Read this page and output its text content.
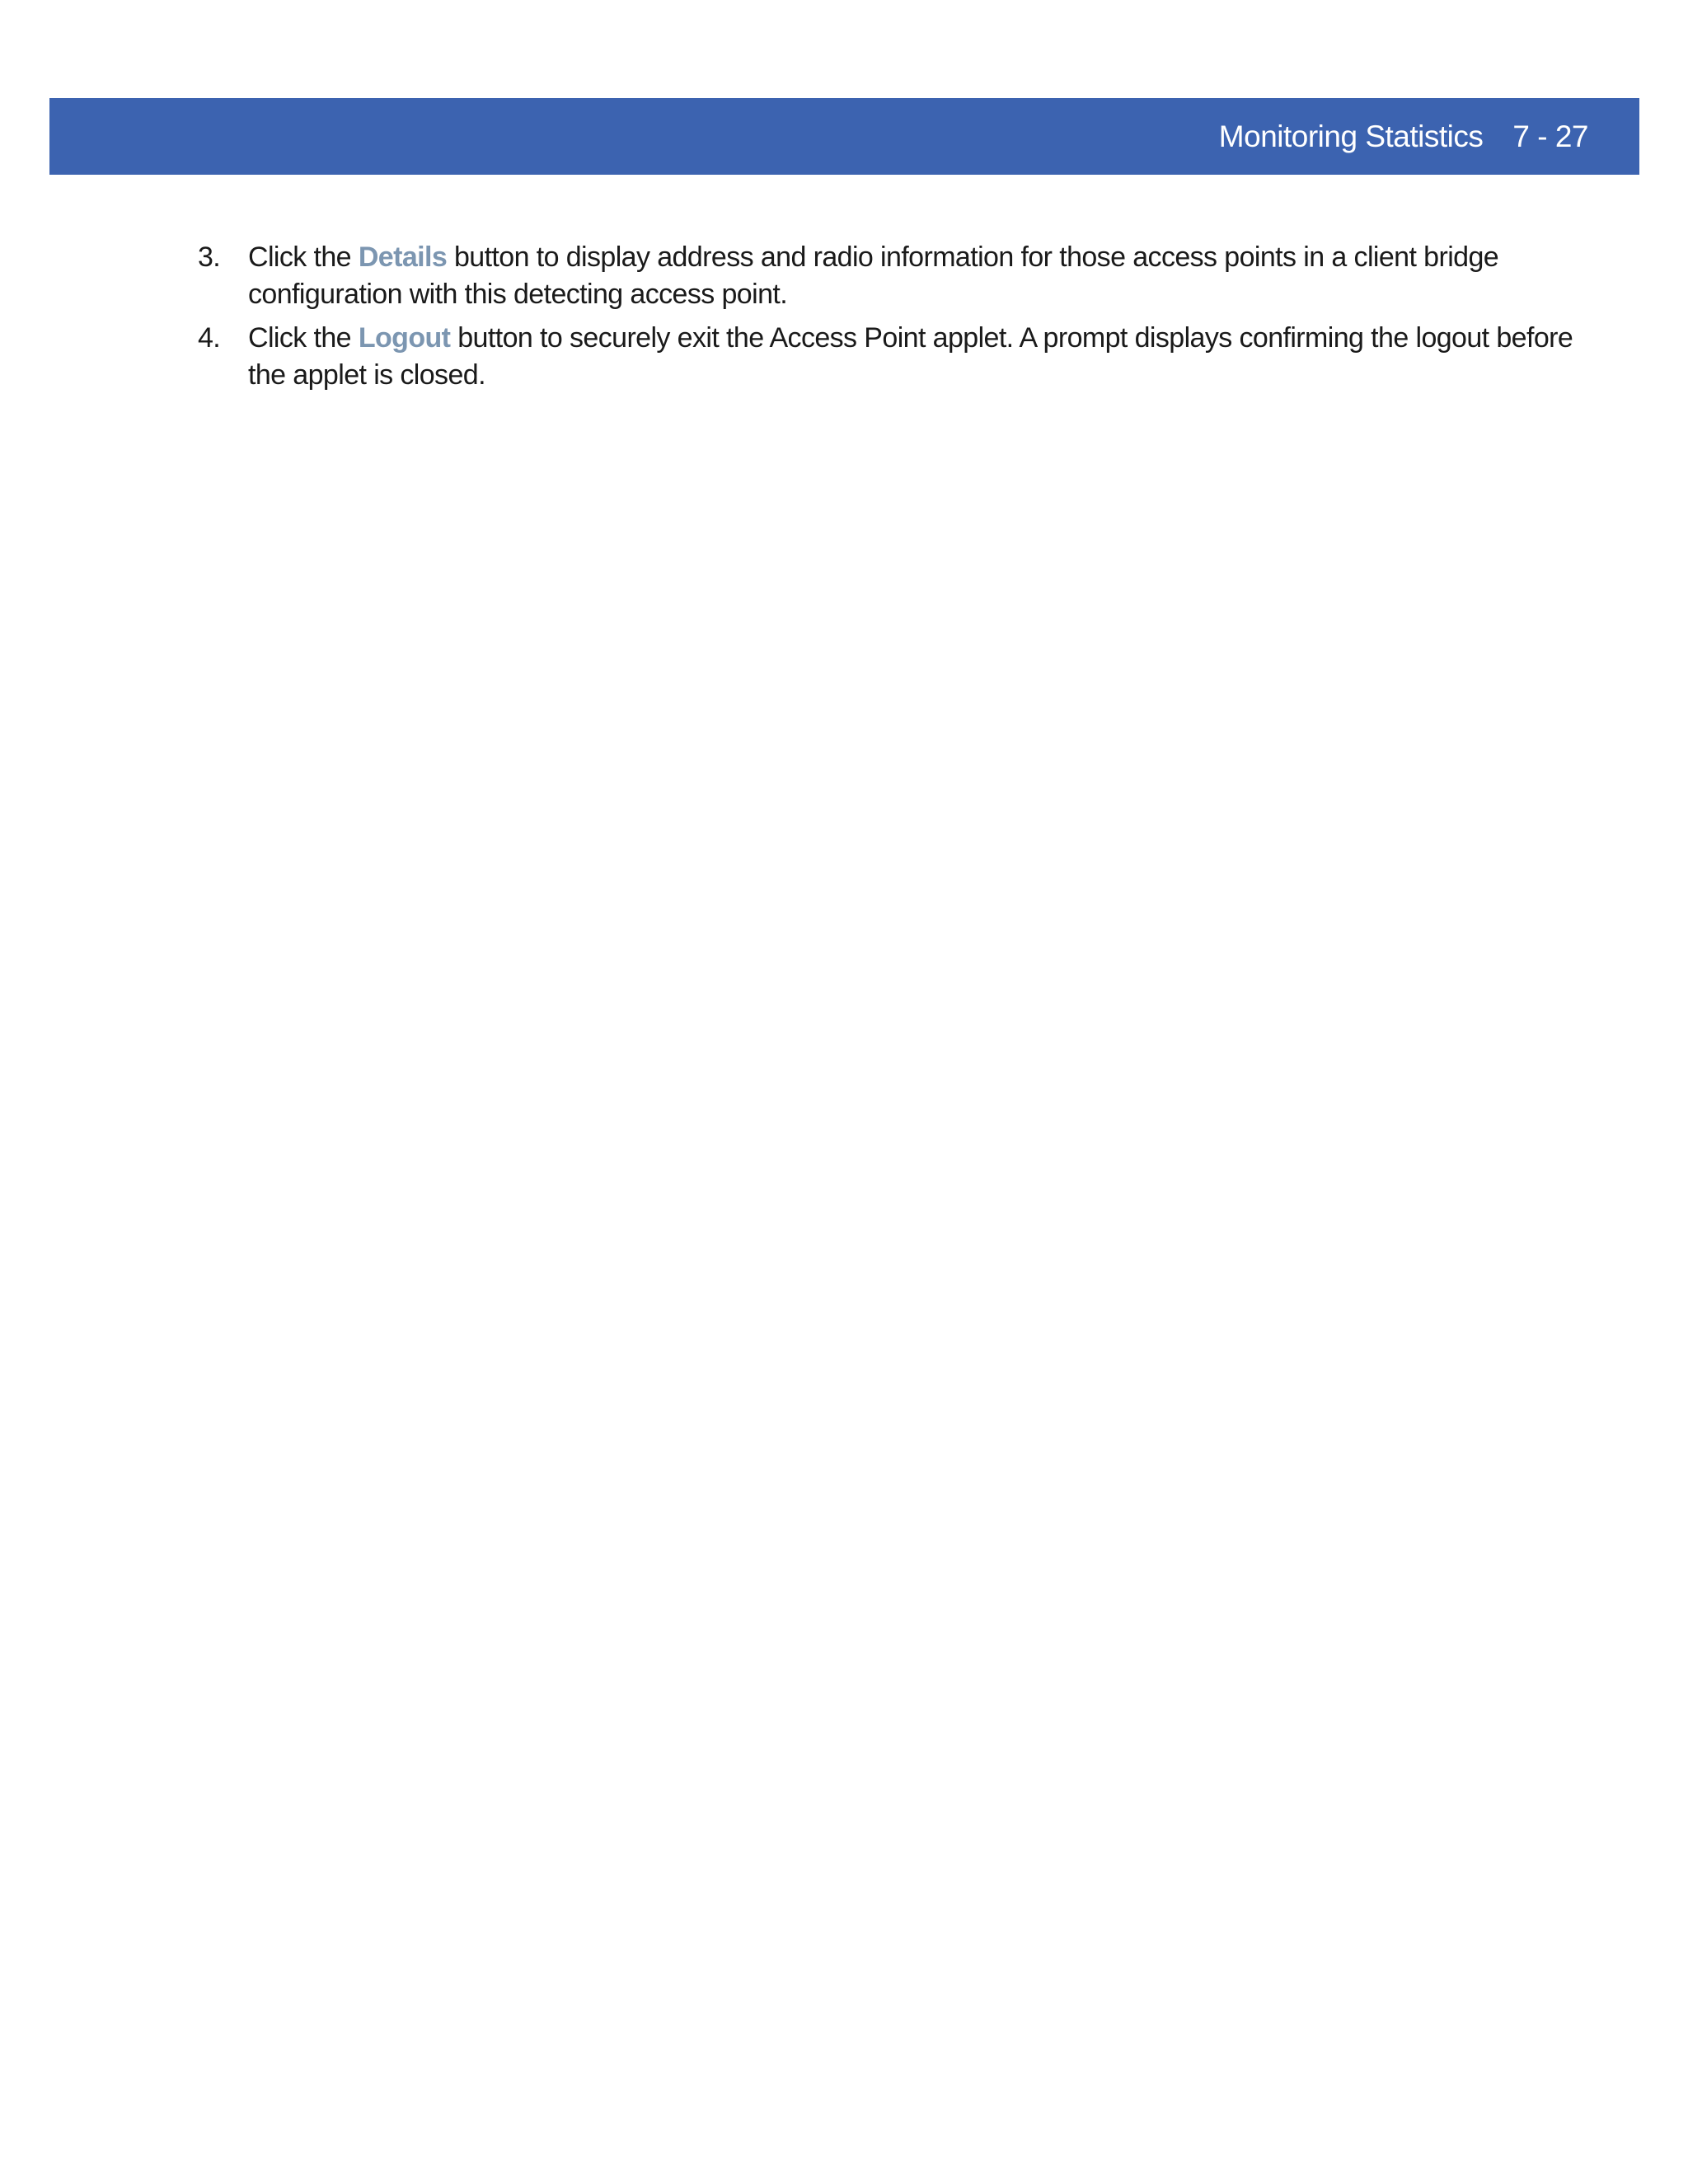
Monitoring Statistics 7 - 27
3. Click the Details button to display address and radio information for those access points in a client bridge configuration with this detecting access point.
4. Click the Logout button to securely exit the Access Point applet. A prompt displays confirming the logout before the applet is closed.
